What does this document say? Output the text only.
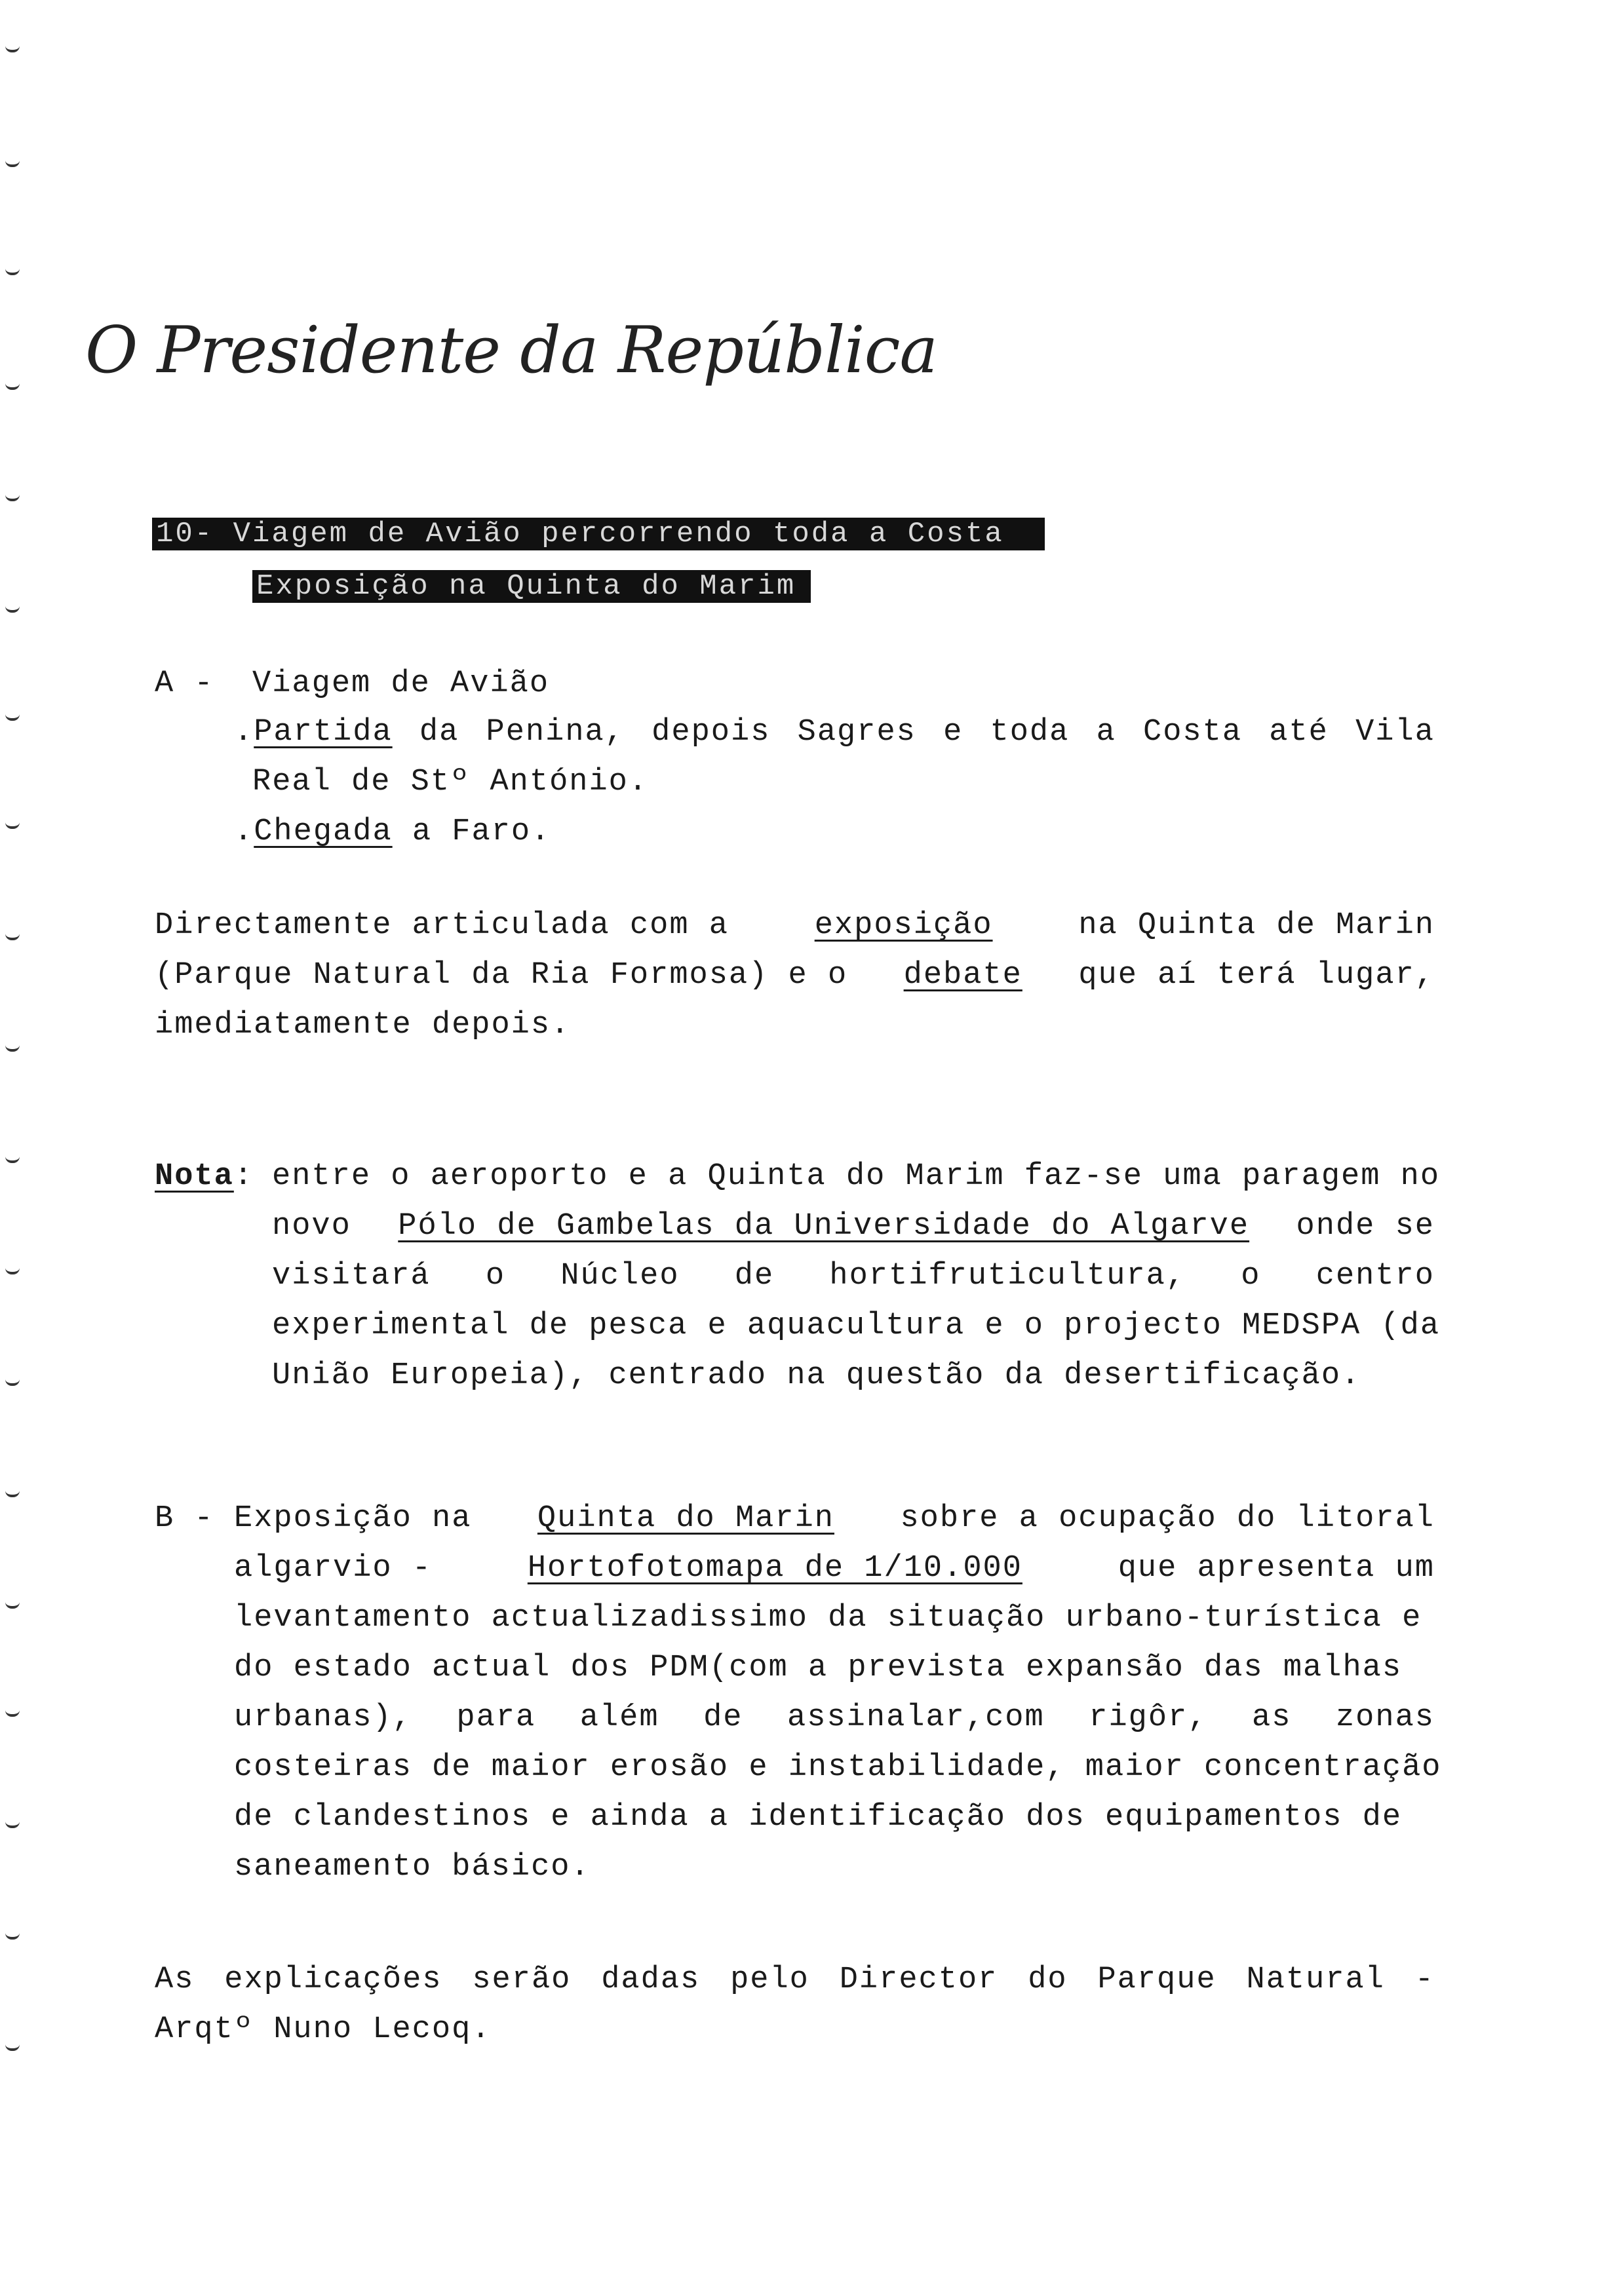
O Presidente da República
10- Viagem de Avião percorrendo toda a Costa
Exposição na Quinta do Marim
A - Viagem de Avião
.Partida da Penina, depois Sagres e toda a Costa até Vila
Real de Stº António.
.Chegada a Faro.
Directamente articulada com a	exposição	na Quinta de Marin
(Parque Natural da Ria Formosa) e o debate que aí terá lugar,
imediatamente depois.
Nota: entre o aeroporto e a Quinta do Marim faz-se uma paragem no
novo Pólo de Gambelas da Universidade do Algarve onde se
visitará o Núcleo de hortifruticultura, o centro
experimental de pesca e aquacultura e o projecto MEDSPA (da
União Europeia), centrado na questão da desertificação.
B - Exposição na Quinta do Marin sobre a ocupação do litoral
algarvio -	Hortofotomapa de 1/10.000	que apresenta um
levantamento actualizadissimo da situação urbano-turística e
do estado actual dos PDM(com a prevista expansão das malhas
urbanas), para além de assinalar,com rigôr, as zonas
costeiras de maior erosão e instabilidade, maior concentração
de clandestinos e ainda a identificação dos equipamentos de
saneamento básico.
As explicações serão dadas pelo Director do Parque Natural -
Arqtº Nuno Lecoq.
